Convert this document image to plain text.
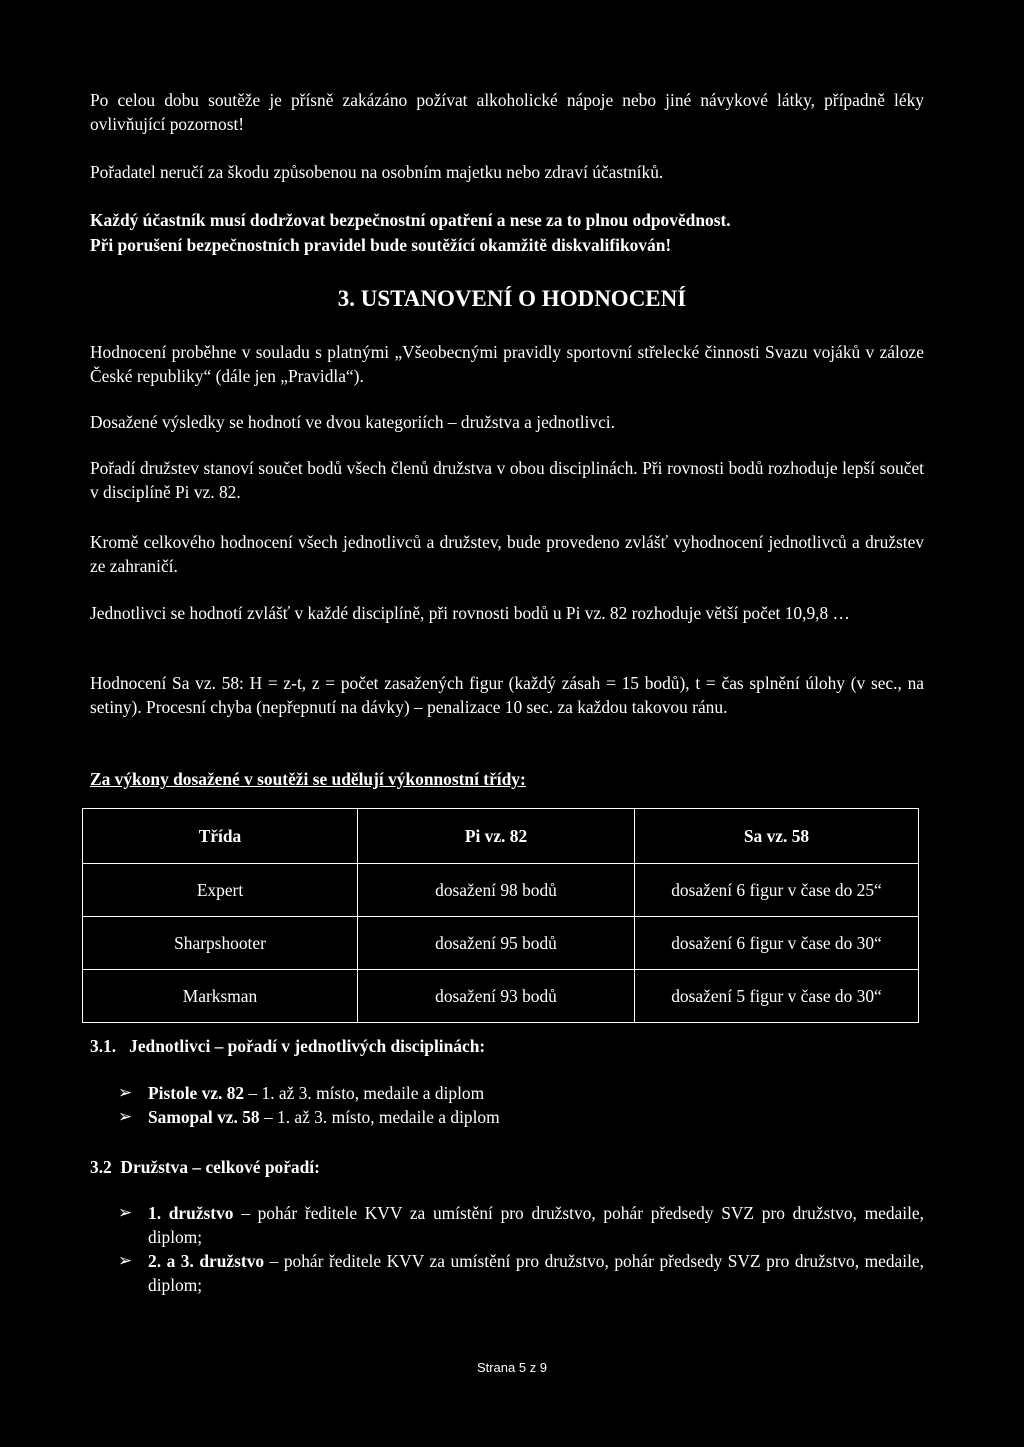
Po celou dobu soutěže je přísně zakázáno požívat alkoholické nápoje nebo jiné návykové látky, případně léky ovlivňující pozornost!

Pořadatel neručí za škodu způsobenou na osobním majetku nebo zdraví účastníků.

Každý účastník musí dodržovat bezpečnostní opatření a nese za to plnou odpovědnost.

Při porušení bezpečnostních pravidel bude soutěžící okamžitě diskvalifikován!

3. USTANOVENÍ O HODNOCENÍ

Hodnocení proběhne v souladu s platnými „Všeobecnými pravidly sportovní střelecké činnosti Svazu vojáků v záloze České republiky“ (dále jen „Pravidla“).

Dosažené výsledky se hodnotí ve dvou kategoriích – družstva a jednotlivci.

Pořadí družstev stanoví součet bodů všech členů družstva v obou disciplinách. Při rovnosti bodů rozhoduje lepší součet v disciplíně Pi vz. 82.

Kromě celkového hodnocení všech jednotlivců a družstev, bude provedeno zvlášť vyhodnocení jednotlivců a družstev ze zahraničí.

Jednotlivci se hodnotí zvlášť v každé disciplíně, při rovnosti bodů u Pi vz. 82 rozhoduje větší počet 10,9,8 …

Hodnocení Sa vz. 58: H = z-t, z = počet zasažených figur (každý zásah = 15 bodů), t = čas splnění úlohy (v sec., na setiny). Procesní chyba (nepřepnutí na dávky) – penalizace 10 sec. za každou takovou ránu.

Za výkony dosažené v soutěži se udělují výkonnostní třídy:

Třída	Pi vz. 82	Sa vz. 58
Expert	dosažení 98 bodů	dosažení 6 figur v čase do 25“
Sharpshooter	dosažení 95 bodů	dosažení 6 figur v čase do 30“
Marksman	dosažení 93 bodů	dosažení 5 figur v čase do 30“

3.1.   Jednotlivci – pořadí v jednotlivých disciplinách:

➢ Pistole vz. 82 – 1. až 3. místo, medaile a diplom
➢ Samopal vz. 58 – 1. až 3. místo, medaile a diplom

3.2  Družstva – celkové pořadí:

➢ 1. družstvo – pohár ředitele KVV za umístění pro družstvo, pohár předsedy SVZ pro družstvo, medaile, diplom;
➢ 2. a 3. družstvo – pohár ředitele KVV za umístění pro družstvo, pohár předsedy SVZ pro družstvo, medaile, diplom;
Strana 5 z 9
